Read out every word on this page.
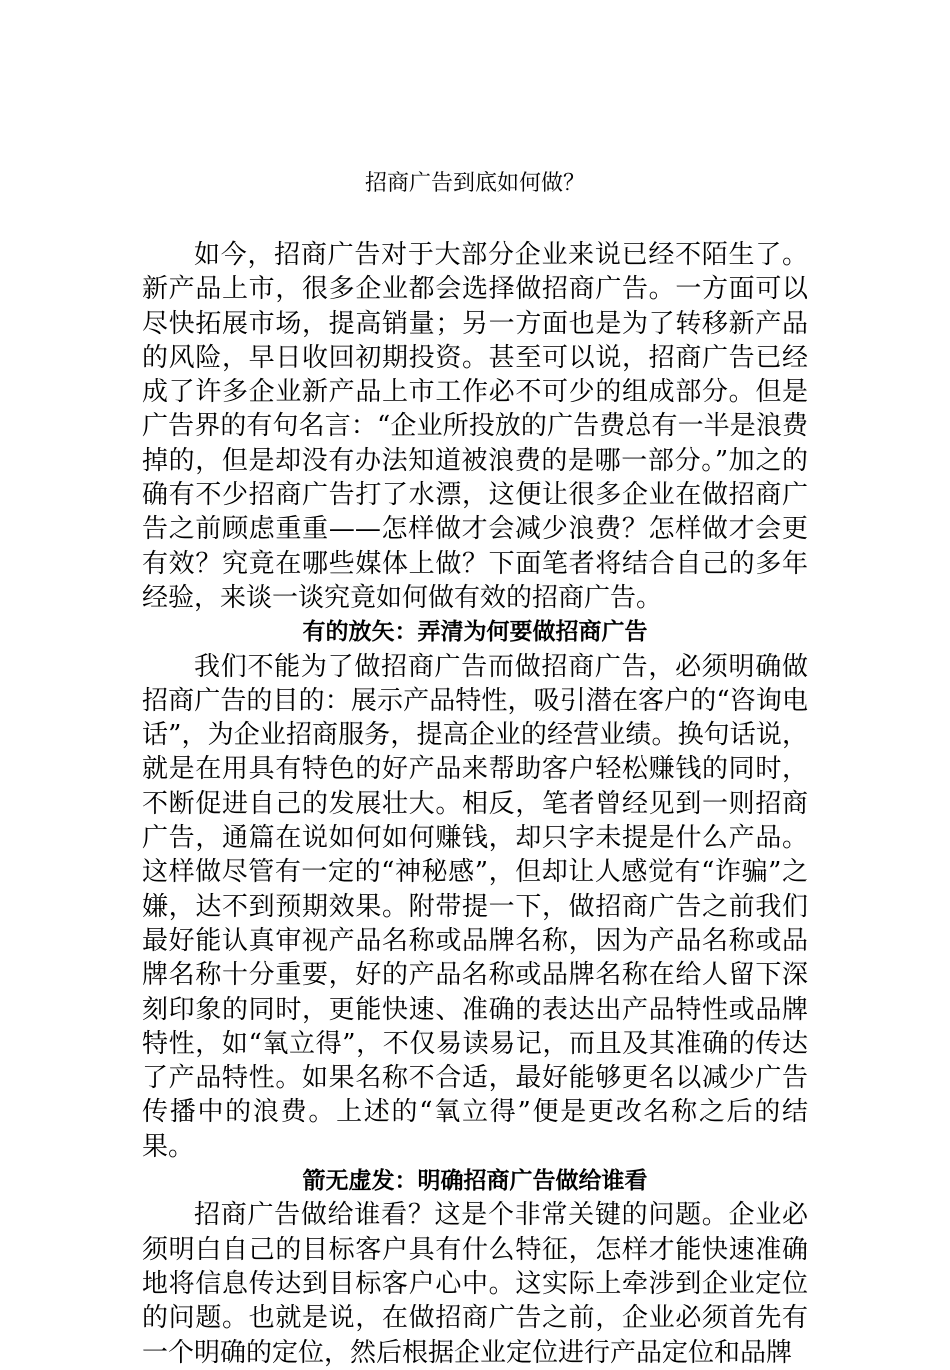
招商广告到底如何做？

如今，招商广告对于大部分企业来说已经不陌生了。新产品上市，很多企业都会选择做招商广告。一方面可以尽快拓展市场，提高销量；另一方面也是为了转移新产品的风险，早日收回初期投资。甚至可以说，招商广告已经成了许多企业新产品上市工作必不可少的组成部分。但是广告界的有句名言：“企业所投放的广告费总有一半是浪费掉的，但是却没有办法知道被浪费的是哪一部分。”加之的确有不少招商广告打了水漂，这便让很多企业在做招商广告之前顾虑重重——怎样做才会减少浪费？怎样做才会更有效？究竟在哪些媒体上做？下面笔者将结合自己的多年经验，来谈一谈究竟如何做有效的招商广告。

有的放矢：弄清为何要做招商广告

我们不能为了做招商广告而做招商广告，必须明确做招商广告的目的：展示产品特性，吸引潜在客户的“咨询电话”，为企业招商服务，提高企业的经营业绩。换句话说，就是在用具有特色的好产品来帮助客户轻松赚钱的同时，不断促进自己的发展壮大。相反，笔者曾经见到一则招商广告，通篇在说如何如何赚钱，却只字未提是什么产品。这样做尽管有一定的“神秘感”，但却让人感觉有“诈骗”之嫌，达不到预期效果。附带提一下，做招商广告之前我们最好能认真审视产品名称或品牌名称，因为产品名称或品牌名称十分重要，好的产品名称或品牌名称在给人留下深刻印象的同时，更能快速、准确的表达出产品特性或品牌特性，如“氧立得”，不仅易读易记，而且及其准确的传达了产品特性。如果名称不合适，最好能够更名以减少广告传播中的浪费。上述的“氧立得”便是更改名称之后的结果。

箭无虚发：明确招商广告做给谁看

招商广告做给谁看？这是个非常关键的问题。企业必须明白自己的目标客户具有什么特征，怎样才能快速准确地将信息传达到目标客户心中。这实际上牵涉到企业定位的问题。也就是说，在做招商广告之前，企业必须首先有一个明确的定位，然后根据企业定位进行产品定位和品牌
